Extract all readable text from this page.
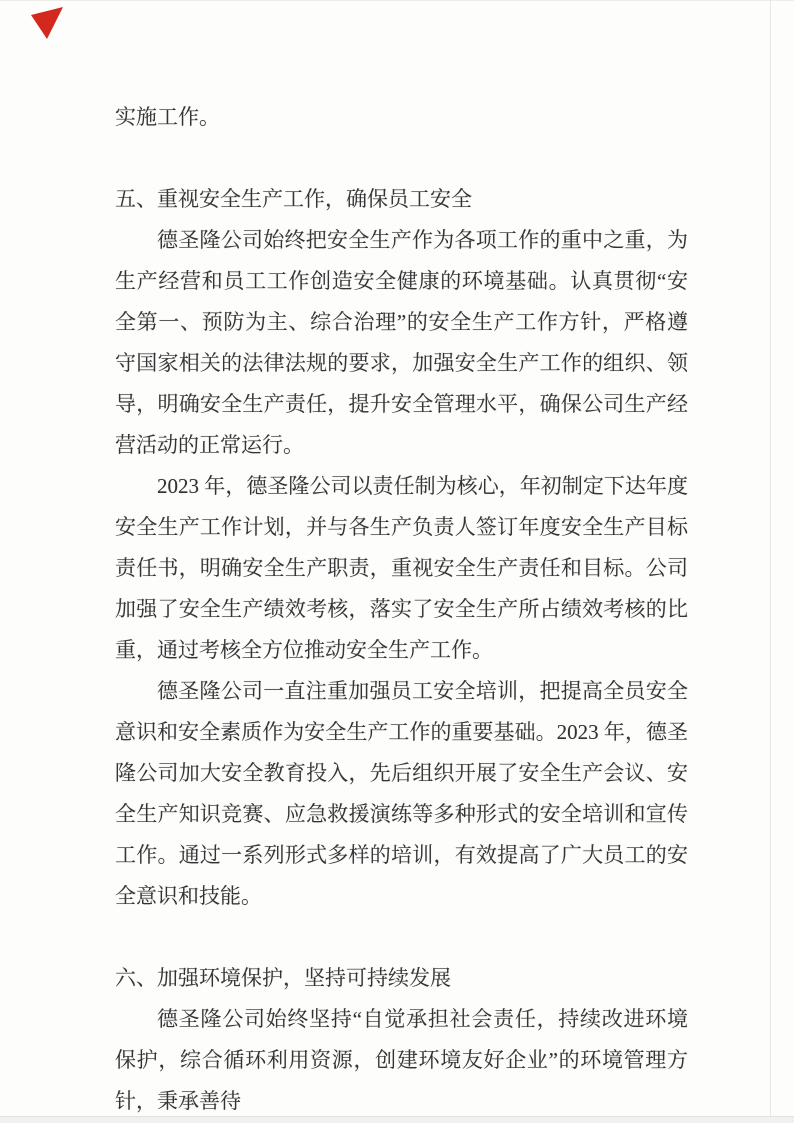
实施工作。

五、重视安全生产工作，确保员工安全

德圣隆公司始终把安全生产作为各项工作的重中之重，为生产经营和员工工作创造安全健康的环境基础。认真贯彻“安全第一、预防为主、综合治理”的安全生产工作方针，严格遵守国家相关的法律法规的要求，加强安全生产工作的组织、领导，明确安全生产责任，提升安全管理水平，确保公司生产经营活动的正常运行。

2023 年，德圣隆公司以责任制为核心，年初制定下达年度安全生产工作计划，并与各生产负责人签订年度安全生产目标责任书，明确安全生产职责，重视安全生产责任和目标。公司加强了安全生产绩效考核，落实了安全生产所占绩效考核的比重，通过考核全方位推动安全生产工作。

德圣隆公司一直注重加强员工安全培训，把提高全员安全意识和安全素质作为安全生产工作的重要基础。2023 年，德圣隆公司加大安全教育投入，先后组织开展了安全生产会议、安全生产知识竞赛、应急救援演练等多种形式的安全培训和宣传工作。通过一系列形式多样的培训，有效提高了广大员工的安全意识和技能。

六、加强环境保护，坚持可持续发展

德圣隆公司始终坚持“自觉承担社会责任，持续改进环境保护，综合循环利用资源，创建环境友好企业”的环境管理方针，秉承善待
